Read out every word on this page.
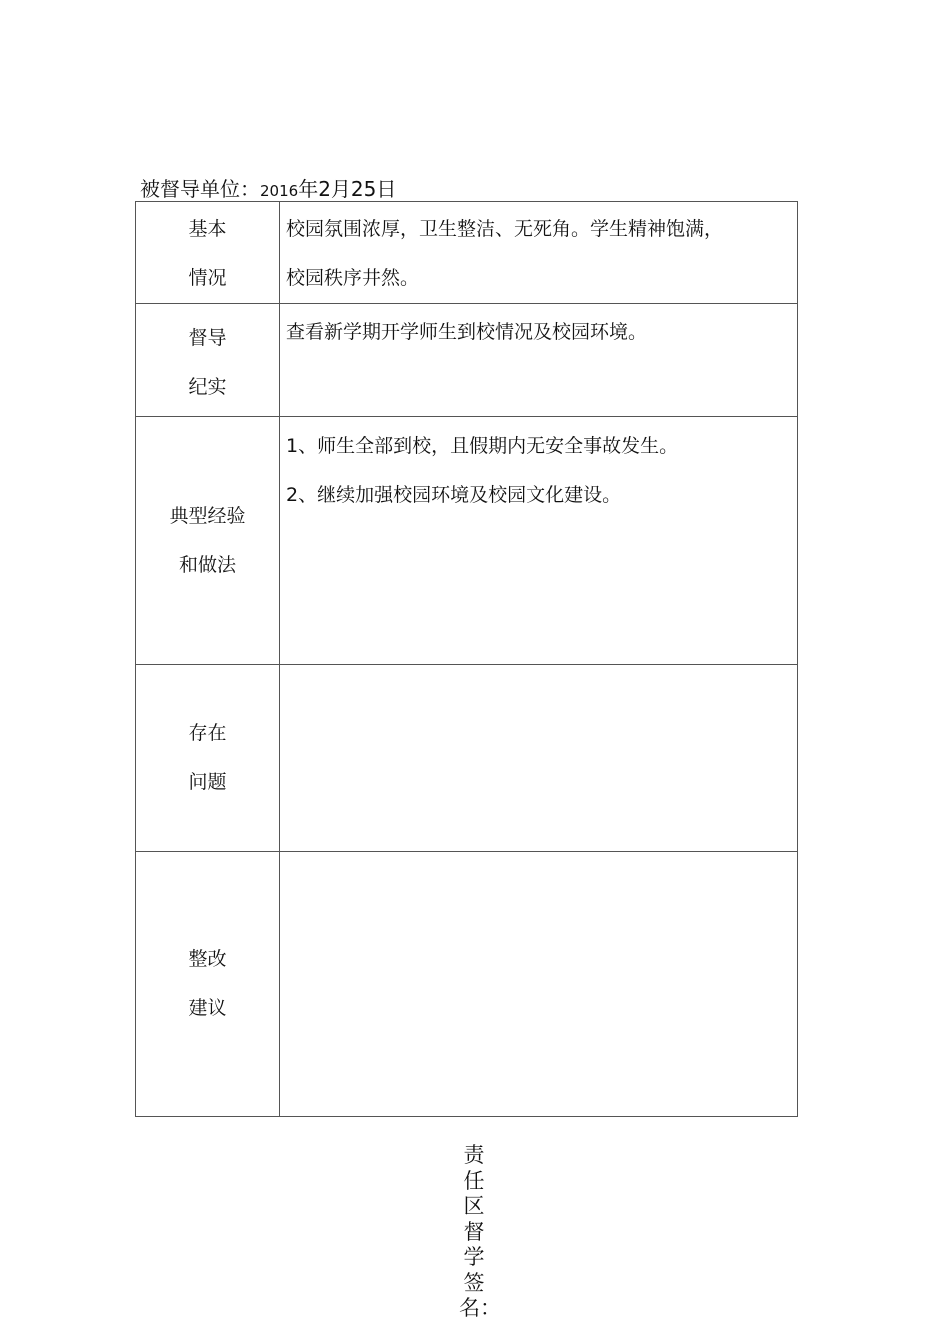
被督导单位：2016年2月25日
基本
情况	校园氛围浓厚，卫生整洁、无死角。学生精神饱满，
校园秩序井然。

督导
纪实	查看新学期开学师生到校情况及校园环境。

典型经验
和做法	1、师生全部到校，且假期内无安全事故发生。
2、继续加强校园环境及校园文化建设。

存在
问题	

整改
建议	

责
任
区
督
学
签
名：
